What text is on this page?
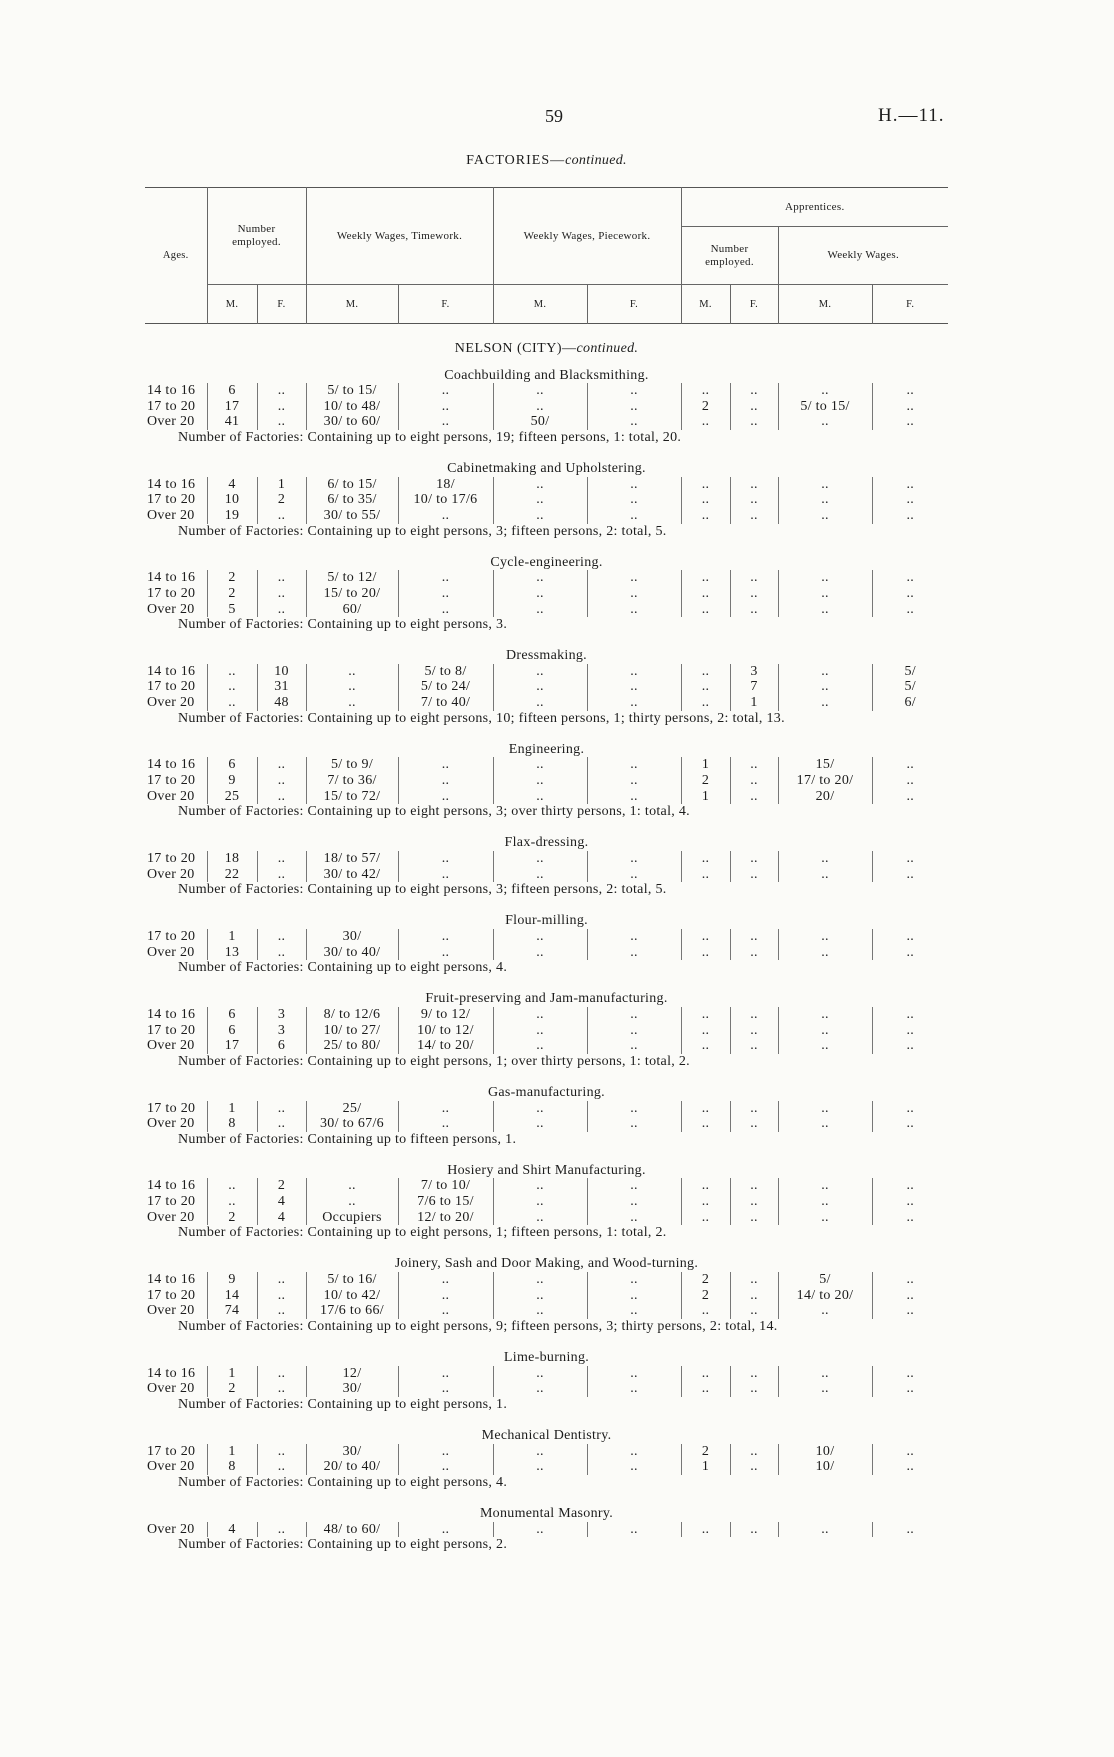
59	H.—11.
FACTORIES—continued.
Ages.	Number employed.		Weekly Wages, Timework.		Weekly Wages, Piecework.		Apprentices.			
							Number employed.		Weekly Wages.	
	M.	F.	M.	F.	M.	F.	M.	F.	M.	F.
NELSON (CITY)—continued.
Coachbuilding and Blacksmithing.
14 to 16	6	..	5/ to 15/	..	..	..	..	..	..	..
17 to 20	17	..	10/ to 48/	..	..	..	2	..	5/ to 15/	..
Over 20	41	..	30/ to 60/	..	50/	..	..	..	..	..
Number of Factories: Containing up to eight persons, 19; fifteen persons, 1: total, 20.
Cabinetmaking and Upholstering.
14 to 16	4	1	6/ to 15/	18/	..	..	..	..	..	..
17 to 20	10	2	6/ to 35/	10/ to 17/6	..	..	..	..	..	..
Over 20	19	..	30/ to 55/	..	..	..	..	..	..	..
Number of Factories: Containing up to eight persons, 3; fifteen persons, 2: total, 5.
Cycle-engineering.
14 to 16	2	..	5/ to 12/	..	..	..	..	..	..	..
17 to 20	2	..	15/ to 20/	..	..	..	..	..	..	..
Over 20	5	..	60/	..	..	..	..	..	..	..
Number of Factories: Containing up to eight persons, 3.
Dressmaking.
14 to 16	..	10	..	5/ to 8/	..	..	..	3	..	5/
17 to 20	..	31	..	5/ to 24/	..	..	..	7	..	5/
Over 20	..	48	..	7/ to 40/	..	..	..	1	..	6/
Number of Factories: Containing up to eight persons, 10; fifteen persons, 1; thirty persons, 2: total, 13.
Engineering.
14 to 16	6	..	5/ to 9/	..	..	..	1	..	15/	..
17 to 20	9	..	7/ to 36/	..	..	..	2	..	17/ to 20/	..
Over 20	25	..	15/ to 72/	..	..	..	1	..	20/	..
Number of Factories: Containing up to eight persons, 3; over thirty persons, 1: total, 4.
Flax-dressing.
17 to 20	18	..	18/ to 57/	..	..	..	..	..	..	..
Over 20	22	..	30/ to 42/	..	..	..	..	..	..	..
Number of Factories: Containing up to eight persons, 3; fifteen persons, 2: total, 5.
Flour-milling.
17 to 20	1	..	30/	..	..	..	..	..	..	..
Over 20	13	..	30/ to 40/	..	..	..	..	..	..	..
Number of Factories: Containing up to eight persons, 4.
Fruit-preserving and Jam-manufacturing.
14 to 16	6	3	8/ to 12/6	9/ to 12/	..	..	..	..	..	..
17 to 20	6	3	10/ to 27/	10/ to 12/	..	..	..	..	..	..
Over 20	17	6	25/ to 80/	14/ to 20/	..	..	..	..	..	..
Number of Factories: Containing up to eight persons, 1; over thirty persons, 1: total, 2.
Gas-manufacturing.
17 to 20	1	..	25/	..	..	..	..	..	..	..
Over 20	8	..	30/ to 67/6	..	..	..	..	..	..	..
Number of Factories: Containing up to fifteen persons, 1.
Hosiery and Shirt Manufacturing.
14 to 16	..	2	..	7/ to 10/	..	..	..	..	..	..
17 to 20	..	4	..	7/6 to 15/	..	..	..	..	..	..
Over 20	2	4	Occupiers	12/ to 20/	..	..	..	..	..	..
Number of Factories: Containing up to eight persons, 1; fifteen persons, 1: total, 2.
Joinery, Sash and Door Making, and Wood-turning.
14 to 16	9	..	5/ to 16/	..	..	..	2	..	5/	..
17 to 20	14	..	10/ to 42/	..	..	..	2	..	14/ to 20/	..
Over 20	74	..	17/6 to 66/	..	..	..	..	..	..	..
Number of Factories: Containing up to eight persons, 9; fifteen persons, 3; thirty persons, 2: total, 14.
Lime-burning.
14 to 16	1	..	12/	..	..	..	..	..	..	..
Over 20	2	..	30/	..	..	..	..	..	..	..
Number of Factories: Containing up to eight persons, 1.
Mechanical Dentistry.
17 to 20	1	..	30/	..	..	..	2	..	10/	..
Over 20	8	..	20/ to 40/	..	..	..	1	..	10/	..
Number of Factories: Containing up to eight persons, 4.
Monumental Masonry.
Over 20	4	..	48/ to 60/	..	..	..	..	..	..	..
Number of Factories: Containing up to eight persons, 2.
